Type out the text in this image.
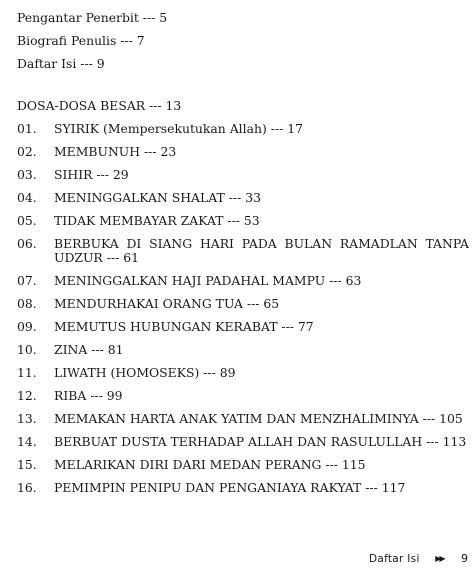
Pengantar Penerbit --- 5
Biografi Penulis --- 7
Daftar Isi --- 9
DOSA-DOSA BESAR --- 13
01. SYIRIK (Mempersekutukan Allah) --- 17
02. MEMBUNUH --- 23
03. SIHIR --- 29
04. MENINGGALKAN SHALAT --- 33
05. TIDAK MEMBAYAR ZAKAT --- 53
06. BERBUKA DI SIANG HARI PADA BULAN RAMADLAN TANPA UDZUR --- 61
07. MENINGGALKAN HAJI PADAHAL MAMPU --- 63
08. MENDURHAKAI ORANG TUA --- 65
09. MEMUTUS HUBUNGAN KERABAT --- 77
10. ZINA --- 81
11. LIWATH (HOMOSEKS) --- 89
12. RIBA --- 99
13. MEMAKAN HARTA ANAK YATIM DAN MENZHALIMINYA --- 105
14. BERBUAT DUSTA TERHADAP ALLAH DAN RASULULLAH --- 113
15. MELARIKAN DIRI DARI MEDAN PERANG --- 115
16. PEMIMPIN PENIPU DAN PENGANIAYA RAKYAT --- 117
Daftar Isi ▶▶ 9
